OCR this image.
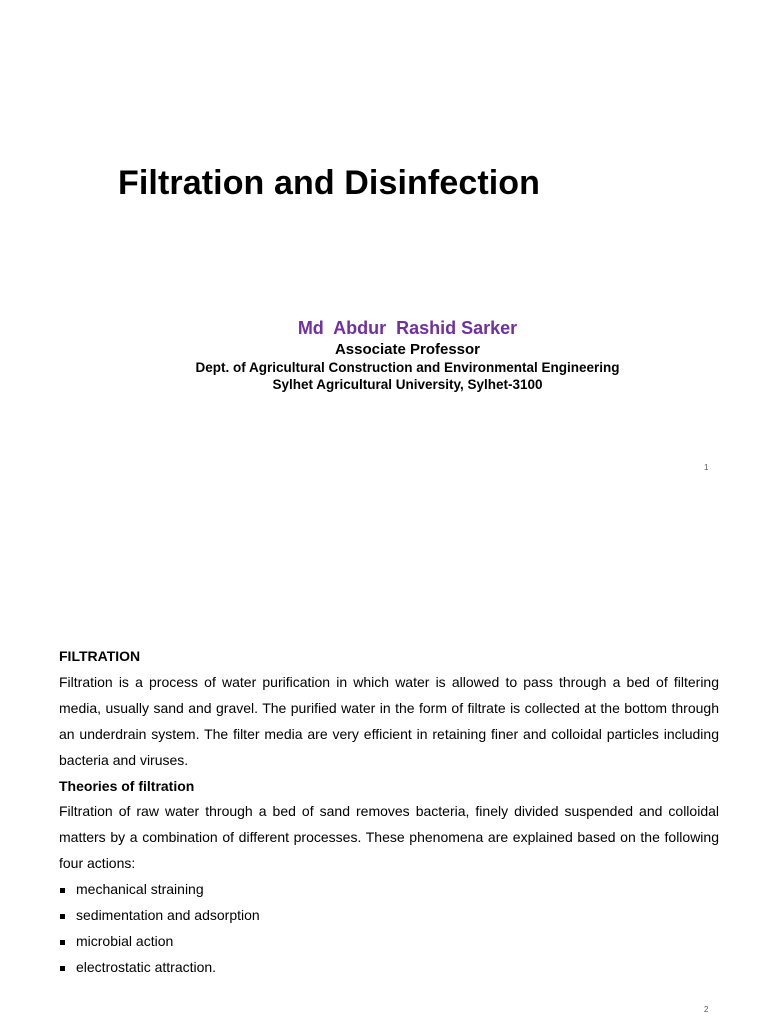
Filtration and Disinfection
Md  Abdur  Rashid Sarker
Associate Professor
Dept. of Agricultural Construction and Environmental Engineering
Sylhet Agricultural University, Sylhet-3100
1

FILTRATION

Filtration is a process of water purification in which water is allowed to pass through a bed of filtering media, usually sand and gravel. The purified water in the form of filtrate is collected at the bottom through an underdrain system. The filter media are very efficient in retaining finer and colloidal particles including bacteria and viruses.

Theories of filtration

Filtration of raw water through a bed of sand removes bacteria, finely divided suspended and colloidal matters by a combination of different processes. These phenomena are explained based on the following four actions:

mechanical straining
sedimentation and adsorption
microbial action
electrostatic attraction.
2
